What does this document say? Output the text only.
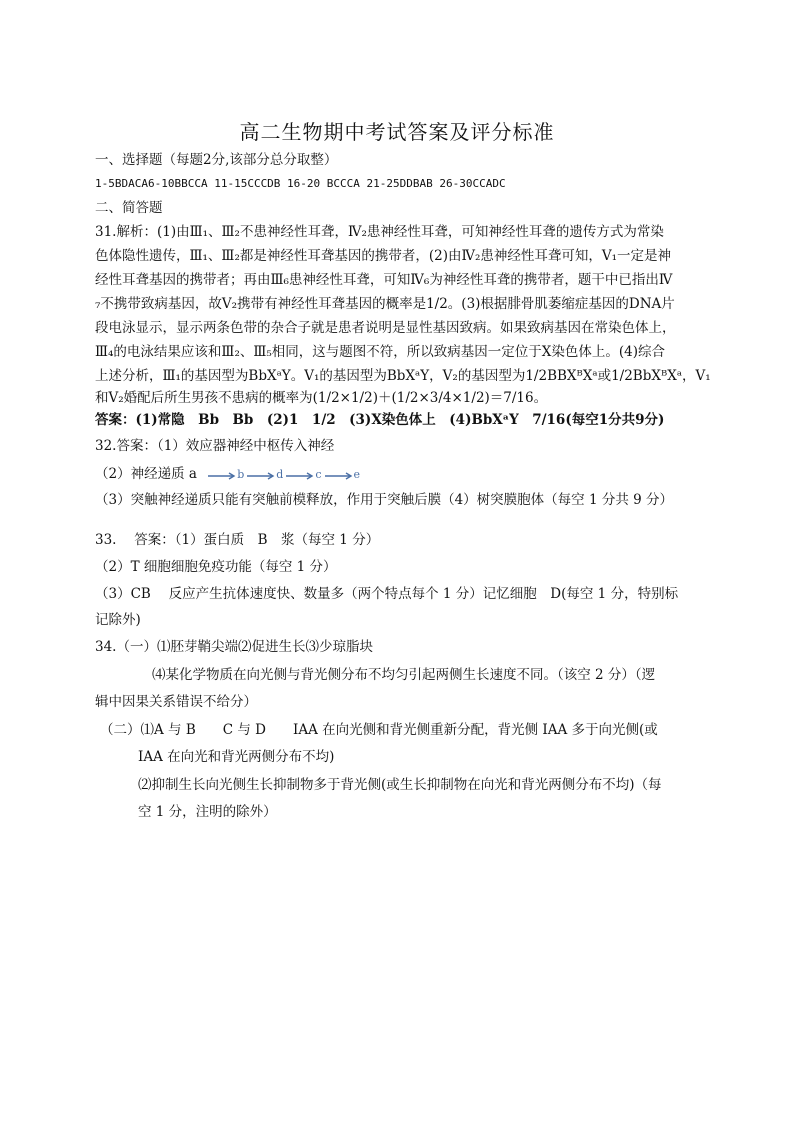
高二生物期中考试答案及评分标准
一、选择题（每题2分,该部分总分取整）
1-5BDACA6-10BBCCA 11-15CCCDB 16-20 BCCCA 21-25DDBAB 26-30CCADC
二、简答题
31.解析：(1)由Ⅲ₁、Ⅲ₂不患神经性耳聋，Ⅳ₂患神经性耳聋，可知神经性耳聋的遗传方式为常染
色体隐性遗传，Ⅲ₁、Ⅲ₂都是神经性耳聋基因的携带者，(2)由Ⅳ₂患神经性耳聋可知，Ⅴ₁一定是神
经性耳聋基因的携带者；再由Ⅲ₆患神经性耳聋，可知Ⅳ₆为神经性耳聋的携带者，题干中已指出Ⅳ
₇不携带致病基因，故Ⅴ₂携带有神经性耳聋基因的概率是1/2。(3)根据腓骨肌萎缩症基因的DNA片
段电泳显示，显示两条色带的杂合子就是患者说明是显性基因致病。如果致病基因在常染色体上，
Ⅲ₄的电泳结果应该和Ⅲ₂、Ⅲ₅相同，这与题图不符，所以致病基因一定位于X染色体上。(4)综合
上述分析，Ⅲ₁的基因型为BbXᵃY。Ⅴ₁的基因型为BbXᵃY，Ⅴ₂的基因型为1/2BBXᴮXᵃ或1/2BbXᴮXᵃ，Ⅴ₁
和Ⅴ₂婚配后所生男孩不患病的概率为(1/2×1/2)＋(1/2×3/4×1/2)＝7/16。
答案：(1)常隐　Bb　Bb　(2)1　1/2　(3)X染色体上　(4)BbXᵃY　7/16(每空1分共9分)
32.答案：（1）效应器神经中枢传入神经
（2）神经递质 a	b	d	c	e
（3）突触神经递质只能有突触前模释放，作用于突触后膜（4）树突膜胞体（每空 1 分共 9 分）
33.　 答案：（1）蛋白质　B　浆（每空 1 分）
（2）T 细胞细胞免疫功能（每空 1 分）
（3）CB　 反应产生抗体速度快、数量多（两个特点每个 1 分）记忆细胞　D(每空 1 分，特别标
记除外)
34.（一）⑴胚芽鞘尖端⑵促进生长⑶少琼脂块
⑷某化学物质在向光侧与背光侧分布不均匀引起两侧生长速度不同。（该空 2 分）（逻
辑中因果关系错误不给分）
（二）⑴A 与 B　　C 与 D　　IAA 在向光侧和背光侧重新分配，背光侧 IAA 多于向光侧(或
IAA 在向光和背光两侧分布不均)
⑵抑制生长向光侧生长抑制物多于背光侧(或生长抑制物在向光和背光两侧分布不均)（每
空 1 分，注明的除外）
